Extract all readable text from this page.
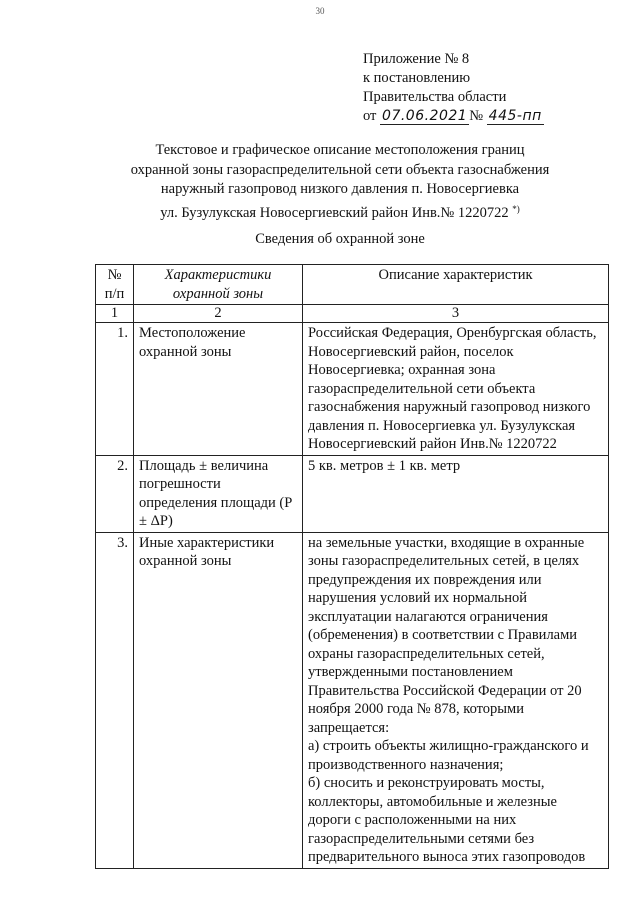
30
Приложение № 8
к постановлению
Правительства области
от 07.06.2021 № 445-пп
Текстовое и графическое описание местоположения границ
охранной зоны газораспределительной сети объекта газоснабжения
наружный газопровод низкого давления п. Новосергиевка
ул. Бузулукская Новосергиевский район Инв.№ 1220722 *)
Сведения об охранной зоне
№ п/п	Характеристики охранной зоны	Описание характеристик
1	2	3
1.	Местоположение охранной зоны	Российская Федерация, Оренбургская область, Новосергиевский район, поселок Новосергиевка; охранная зона газораспределительной сети объекта газоснабжения наружный газопровод низкого давления п. Новосергиевка ул. Бузулукская Новосергиевский район Инв.№ 1220722
2.	Площадь ± величина погрешности определения площади (P ± ΔP)	5 кв. метров ± 1 кв. метр
3.	Иные характеристики охранной зоны	на земельные участки, входящие в охранные зоны газораспределительных сетей, в целях предупреждения их повреждения или нарушения условий их нормальной эксплуатации налагаются ограничения (обременения) в соответствии с Правилами охраны газораспределительных сетей, утвержденными постановлением Правительства Российской Федерации от 20 ноября 2000 года № 878, которыми запрещается:
а) строить объекты жилищно-гражданского и производственного назначения;
б) сносить и реконструировать мосты, коллекторы, автомобильные и железные дороги с расположенными на них газораспределительными сетями без предварительного выноса этих газопроводов
